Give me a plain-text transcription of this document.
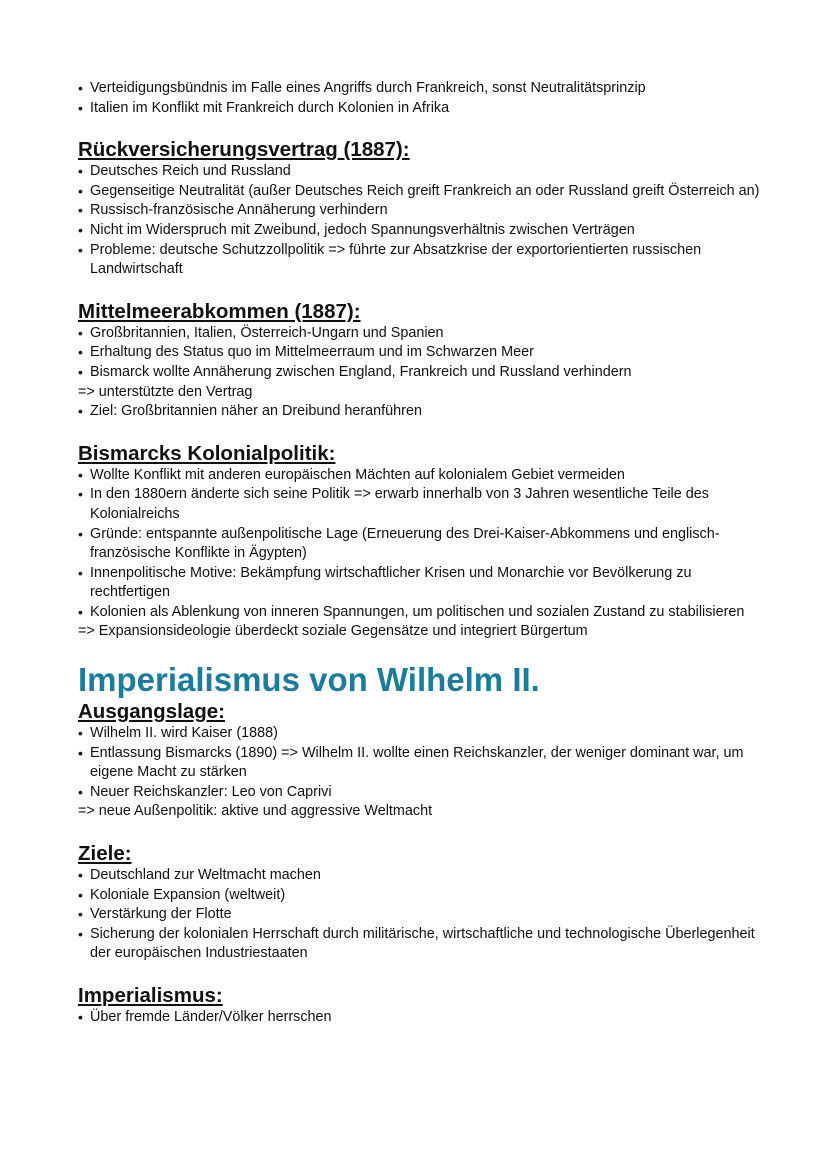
• Verteidigungsbündnis im Falle eines Angriffs durch Frankreich, sonst Neutralitätsprinzip
• Italien im Konflikt mit Frankreich durch Kolonien in Afrika
Rückversicherungsvertrag (1887):
• Deutsches Reich und Russland
• Gegenseitige Neutralität (außer Deutsches Reich greift Frankreich an oder Russland greift Österreich an)
• Russisch-französische Annäherung verhindern
• Nicht im Widerspruch mit Zweibund, jedoch Spannungsverhältnis zwischen Verträgen
• Probleme: deutsche Schutzzollpolitik => führte zur Absatzkrise der exportorientierten russischen Landwirtschaft
Mittelmeerabkommen (1887):
• Großbritannien, Italien, Österreich-Ungarn und Spanien
• Erhaltung des Status quo im Mittelmeerraum und im Schwarzen Meer
• Bismarck wollte Annäherung zwischen England, Frankreich und Russland verhindern
=> unterstützte den Vertrag
• Ziel: Großbritannien näher an Dreibund heranführen
Bismarcks Kolonialpolitik:
• Wollte Konflikt mit anderen europäischen Mächten auf kolonialem Gebiet vermeiden
• In den 1880ern änderte sich seine Politik => erwarb innerhalb von 3 Jahren wesentliche Teile des Kolonialreichs
• Gründe: entspannte außenpolitische Lage (Erneuerung des Drei-Kaiser-Abkommens und englisch-französische Konflikte in Ägypten)
• Innenpolitische Motive: Bekämpfung wirtschaftlicher Krisen und Monarchie vor Bevölkerung zu rechtfertigen
• Kolonien als Ablenkung von inneren Spannungen, um politischen und sozialen Zustand zu stabilisieren
=> Expansionsideologie überdeckt soziale Gegensätze und integriert Bürgertum
Imperialismus von Wilhelm II.
Ausgangslage:
• Wilhelm II. wird Kaiser (1888)
• Entlassung Bismarcks (1890) => Wilhelm II. wollte einen Reichskanzler, der weniger dominant war, um eigene Macht zu stärken
• Neuer Reichskanzler: Leo von Caprivi
=> neue Außenpolitik: aktive und aggressive Weltmacht
Ziele:
• Deutschland zur Weltmacht machen
• Koloniale Expansion (weltweit)
• Verstärkung der Flotte
• Sicherung der kolonialen Herrschaft durch militärische, wirtschaftliche und technologische Überlegenheit der europäischen Industriestaaten
Imperialismus:
• Über fremde Länder/Völker herrschen
